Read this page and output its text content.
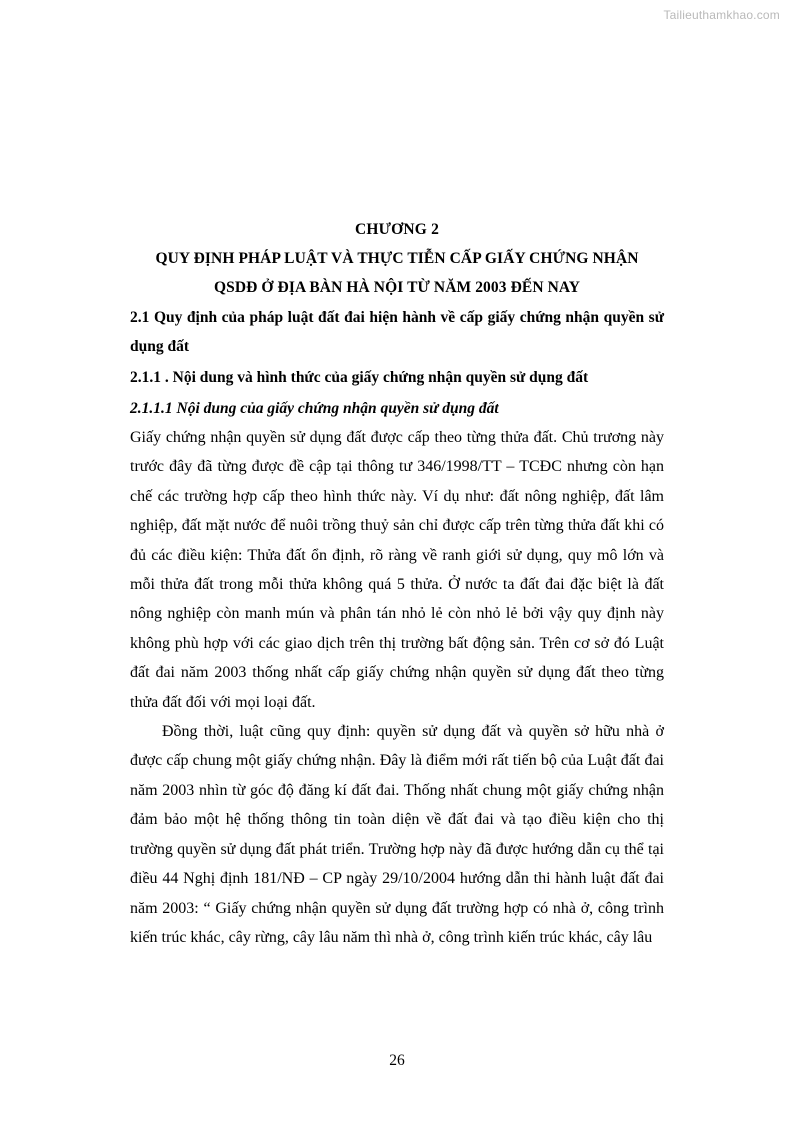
Tailieuthamkhao.com
CHƯƠNG 2
QUY ĐỊNH PHÁP LUẬT VÀ THỰC TIỄN CẤP GIẤY CHỨNG NHẬN
QSDĐ Ở ĐỊA BÀN HÀ NỘI TỪ NĂM 2003 ĐẾN NAY
2.1 Quy định của pháp luật đất đai hiện hành về cấp giấy chứng nhận quyền sử dụng đất
2.1.1 . Nội dung và hình thức của giấy chứng nhận quyền sử dụng đất
2.1.1.1 Nội dung của giấy chứng nhận quyền sử dụng đất

Giấy chứng nhận quyền sử dụng đất được cấp theo từng thửa đất. Chủ trương này trước đây đã từng được đề cập tại thông tư 346/1998/TT – TCĐC nhưng còn hạn chế các trường hợp cấp theo hình thức này. Ví dụ như: đất nông nghiệp, đất lâm nghiệp, đất mặt nước để nuôi trồng thuỷ sản chỉ được cấp trên từng thửa đất khi có đủ các điều kiện: Thửa đất ổn định, rõ ràng về ranh giới sử dụng, quy mô lớn và mỗi thửa đất trong mỗi thửa không quá 5 thửa. Ở nước ta đất đai đặc biệt là đất nông nghiệp còn manh mún và phân tán nhỏ lẻ còn nhỏ lẻ bởi vậy quy định này không phù hợp với các giao dịch trên thị trường bất động sản. Trên cơ sở đó Luật đất đai năm 2003 thống nhất cấp giấy chứng nhận quyền sử dụng đất theo từng thửa đất đối với mọi loại đất.

Đồng thời, luật cũng quy định: quyền sử dụng đất và quyền sở hữu nhà ở được cấp chung một giấy chứng nhận. Đây là điểm mới rất tiến bộ của Luật đất đai năm 2003 nhìn từ góc độ đăng kí đất đai. Thống nhất chung một giấy chứng nhận đảm bảo một hệ thống thông tin toàn diện về đất đai và tạo điều kiện cho thị trường quyền sử dụng đất phát triển. Trường hợp này đã được hướng dẫn cụ thể tại điều 44 Nghị định 181/NĐ – CP ngày 29/10/2004 hướng dẫn thi hành luật đất đai năm 2003: “ Giấy chứng nhận quyền sử dụng đất trường hợp có nhà ở, công trình kiến trúc khác, cây rừng, cây lâu năm thì nhà ở, công trình kiến trúc khác, cây lâu

26
